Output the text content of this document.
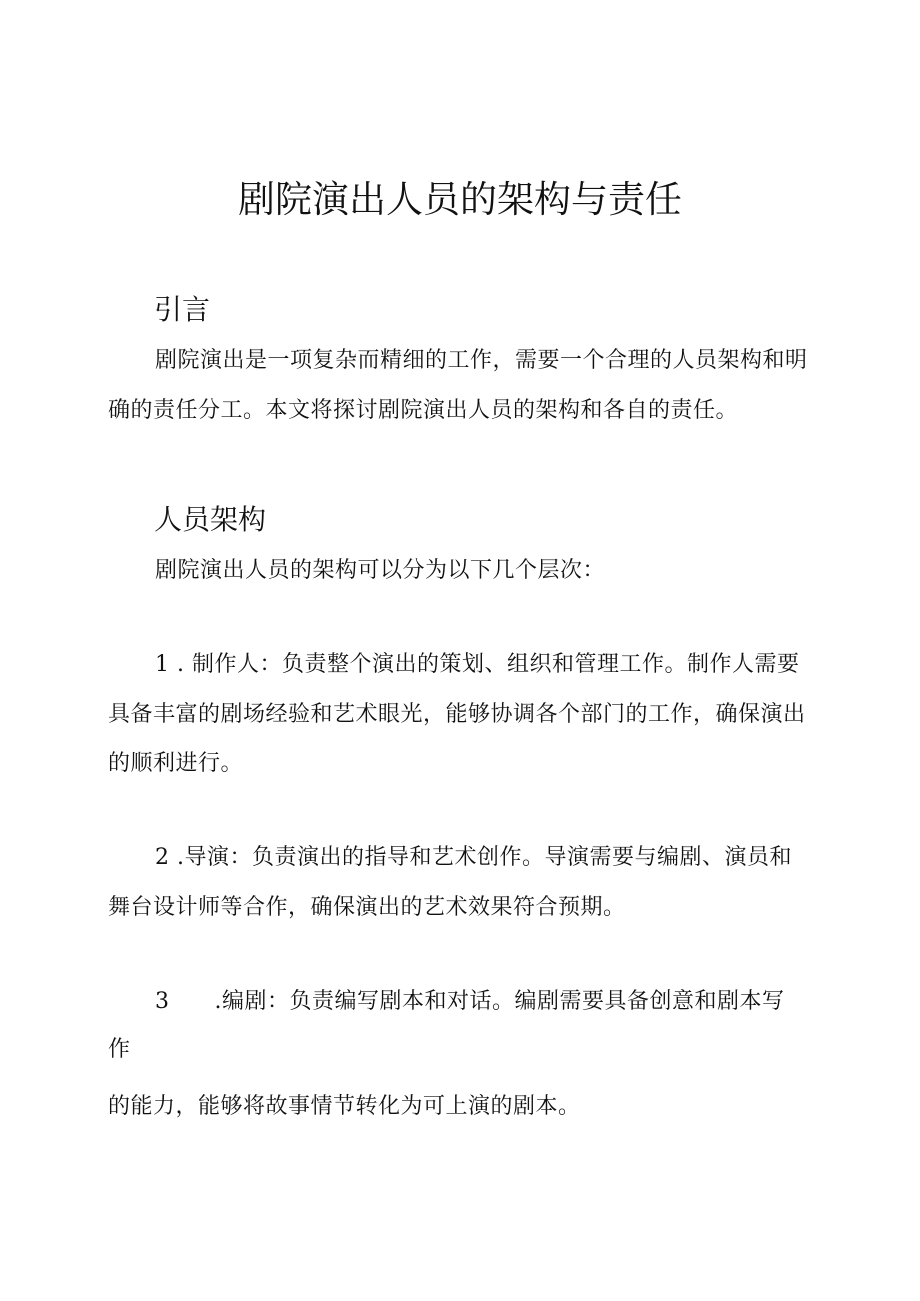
剧院演出人员的架构与责任
引言
剧院演出是一项复杂而精细的工作，需要一个合理的人员架构和明
确的责任分工。本文将探讨剧院演出人员的架构和各自的责任。
人员架构
剧院演出人员的架构可以分为以下几个层次：
1 . 制作人：负责整个演出的策划、组织和管理工作。制作人需要
具备丰富的剧场经验和艺术眼光，能够协调各个部门的工作，确保演出
的顺利进行。
2 .导演：负责演出的指导和艺术创作。导演需要与编剧、演员和
舞台设计师等合作，确保演出的艺术效果符合预期。
3      .编剧：负责编写剧本和对话。编剧需要具备创意和剧本写
作
的能力，能够将故事情节转化为可上演的剧本。
